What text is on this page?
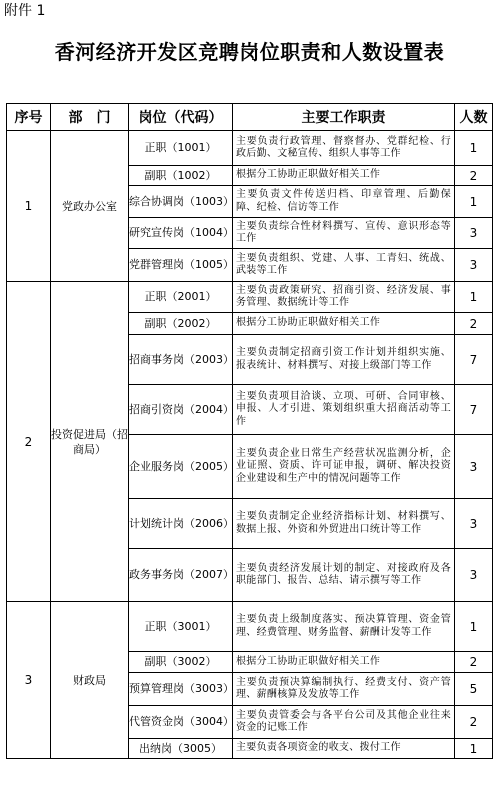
附件 1
香河经济开发区竞聘岗位职责和人数设置表
序号	部　门	岗位（代码）	主要工作职责	人数
1	党政办公室	正职（1001）	主要负责行政管理、督察督办、党群纪检、行政后勤、文秘宣传、组织人事等工作	1
		副职（1002）	根据分工协助正职做好相关工作	2
		综合协调岗（1003）	主要负责文件传送归档、印章管理、后勤保障、纪检、信访等工作	1
		研究宣传岗（1004）	主要负责综合性材料撰写、宣传、意识形态等工作	3
		党群管理岗（1005）	主要负责组织、党建、人事、工青妇、统战、武装等工作	3
2	投资促进局（招商局）	正职（2001）	主要负责政策研究、招商引资、经济发展、事务管理、数据统计等工作	1
		副职（2002）	根据分工协助正职做好相关工作	2
		招商事务岗（2003）	主要负责制定招商引资工作计划并组织实施、报表统计、材料撰写、对接上级部门等工作	7
		招商引资岗（2004）	主要负责项目洽谈、立项、可研、合同审核、申报、人才引进、策划组织重大招商活动等工作	7
		企业服务岗（2005）	主要负责企业日常生产经营状况监测分析，企业证照、资质、许可证申报，调研、解决投资企业建设和生产中的情况问题等工作	3
		计划统计岗（2006）	主要负责制定企业经济指标计划、材料撰写、数据上报、外资和外贸进出口统计等工作	3
		政务事务岗（2007）	主要负责经济发展计划的制定、对接政府及各职能部门、报告、总结、请示撰写等工作	3
3	财政局	正职（3001）	主要负责上级制度落实、预决算管理、资金管理、经费管理、财务监督、薪酬计发等工作	1
		副职（3002）	根据分工协助正职做好相关工作	2
		预算管理岗（3003）	主要负责预决算编制执行、经费支付、资产管理、薪酬核算及发放等工作	5
		代管资金岗（3004）	主要负责管委会与各平台公司及其他企业往来资金的记账工作	2
		出纳岗（3005）	主要负责各项资金的收支、拨付工作	1
